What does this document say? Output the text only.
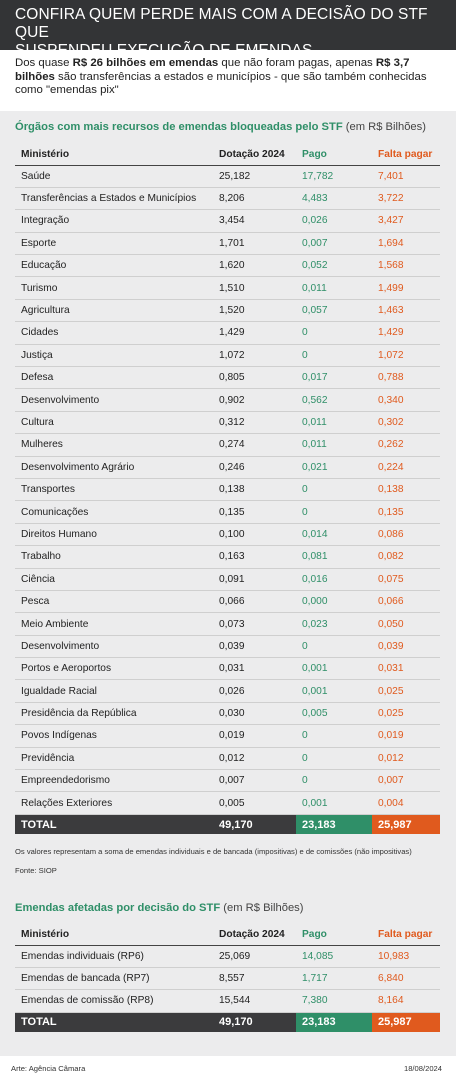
CONFIRA QUEM PERDE MAIS COM A DECISÃO DO STF QUE
SUSPENDEU EXECUÇÃO DE EMENDAS
Dos quase R$ 26 bilhões em emendas que não foram pagas, apenas R$ 3,7 bilhões são transferências a estados e municípios - que são também conhecidas como "emendas pix"
Órgãos com mais recursos de emendas bloqueadas pelo STF (em R$ Bilhões)
Ministério	Dotação 2024	Pago	Falta pagar
Saúde	25,182	17,782	7,401
Transferências a Estados e Municípios	8,206	4,483	3,722
Integração	3,454	0,026	3,427
Esporte	1,701	0,007	1,694
Educação	1,620	0,052	1,568
Turismo	1,510	0,011	1,499
Agricultura	1,520	0,057	1,463
Cidades	1,429	0	1,429
Justiça	1,072	0	1,072
Defesa	0,805	0,017	0,788
Desenvolvimento	0,902	0,562	0,340
Cultura	0,312	0,011	0,302
Mulheres	0,274	0,011	0,262
Desenvolvimento Agrário	0,246	0,021	0,224
Transportes	0,138	0	0,138
Comunicações	0,135	0	0,135
Direitos Humano	0,100	0,014	0,086
Trabalho	0,163	0,081	0,082
Ciência	0,091	0,016	0,075
Pesca	0,066	0,000	0,066
Meio Ambiente	0,073	0,023	0,050
Desenvolvimento	0,039	0	0,039
Portos e Aeroportos	0,031	0,001	0,031
Igualdade Racial	0,026	0,001	0,025
Presidência da República	0,030	0,005	0,025
Povos Indígenas	0,019	0	0,019
Previdência	0,012	0	0,012
Empreendedorismo	0,007	0	0,007
Relações Exteriores	0,005	0,001	0,004
TOTAL	49,170	23,183	25,987
Os valores representam a soma de emendas individuais e de bancada (impositivas) e de comissões (não impositivas)
Fonte: SIOP
Emendas afetadas por decisão do STF (em R$ Bilhões)
Ministério	Dotação 2024	Pago	Falta pagar
Emendas individuais (RP6)	25,069	14,085	10,983
Emendas de bancada (RP7)	8,557	1,717	6,840
Emendas de comissão (RP8)	15,544	7,380	8,164
TOTAL	49,170	23,183	25,987
Arte: Agência Câmara	18/08/2024
